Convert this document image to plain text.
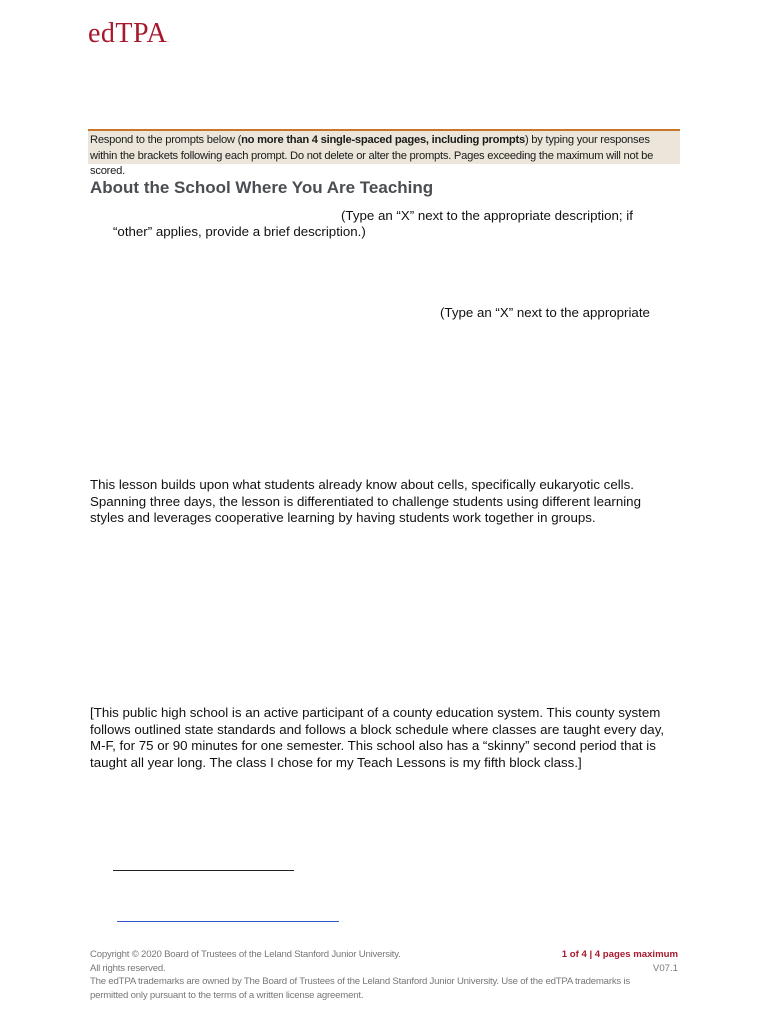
edTPA.
Respond to the prompts below (no more than 4 single-spaced pages, including prompts) by typing your responses within the brackets following each prompt. Do not delete or alter the prompts. Pages exceeding the maximum will not be scored.
About the School Where You Are Teaching
(Type an “X” next to the appropriate description; if
“other” applies, provide a brief description.)
(Type an “X” next to the appropriate
This lesson builds upon what students already know about cells, specifically eukaryotic cells. Spanning three days, the lesson is differentiated to challenge students using different learning styles and leverages cooperative learning by having students work together in groups.
[This public high school is an active participant of a county education system. This county system follows outlined state standards and follows a block schedule where classes are taught every day, M-F, for 75 or 90 minutes for one semester. This school also has a “skinny” second period that is taught all year long. The class I chose for my Teach Lessons is my fifth block class.]
Copyright © 2020 Board of Trustees of the Leland Stanford Junior University.
All rights reserved.
The edTPA trademarks are owned by The Board of Trustees of the Leland Stanford Junior University. Use of the edTPA trademarks is permitted only pursuant to the terms of a written license agreement.
1 of 4 | 4 pages maximum
V07.1
